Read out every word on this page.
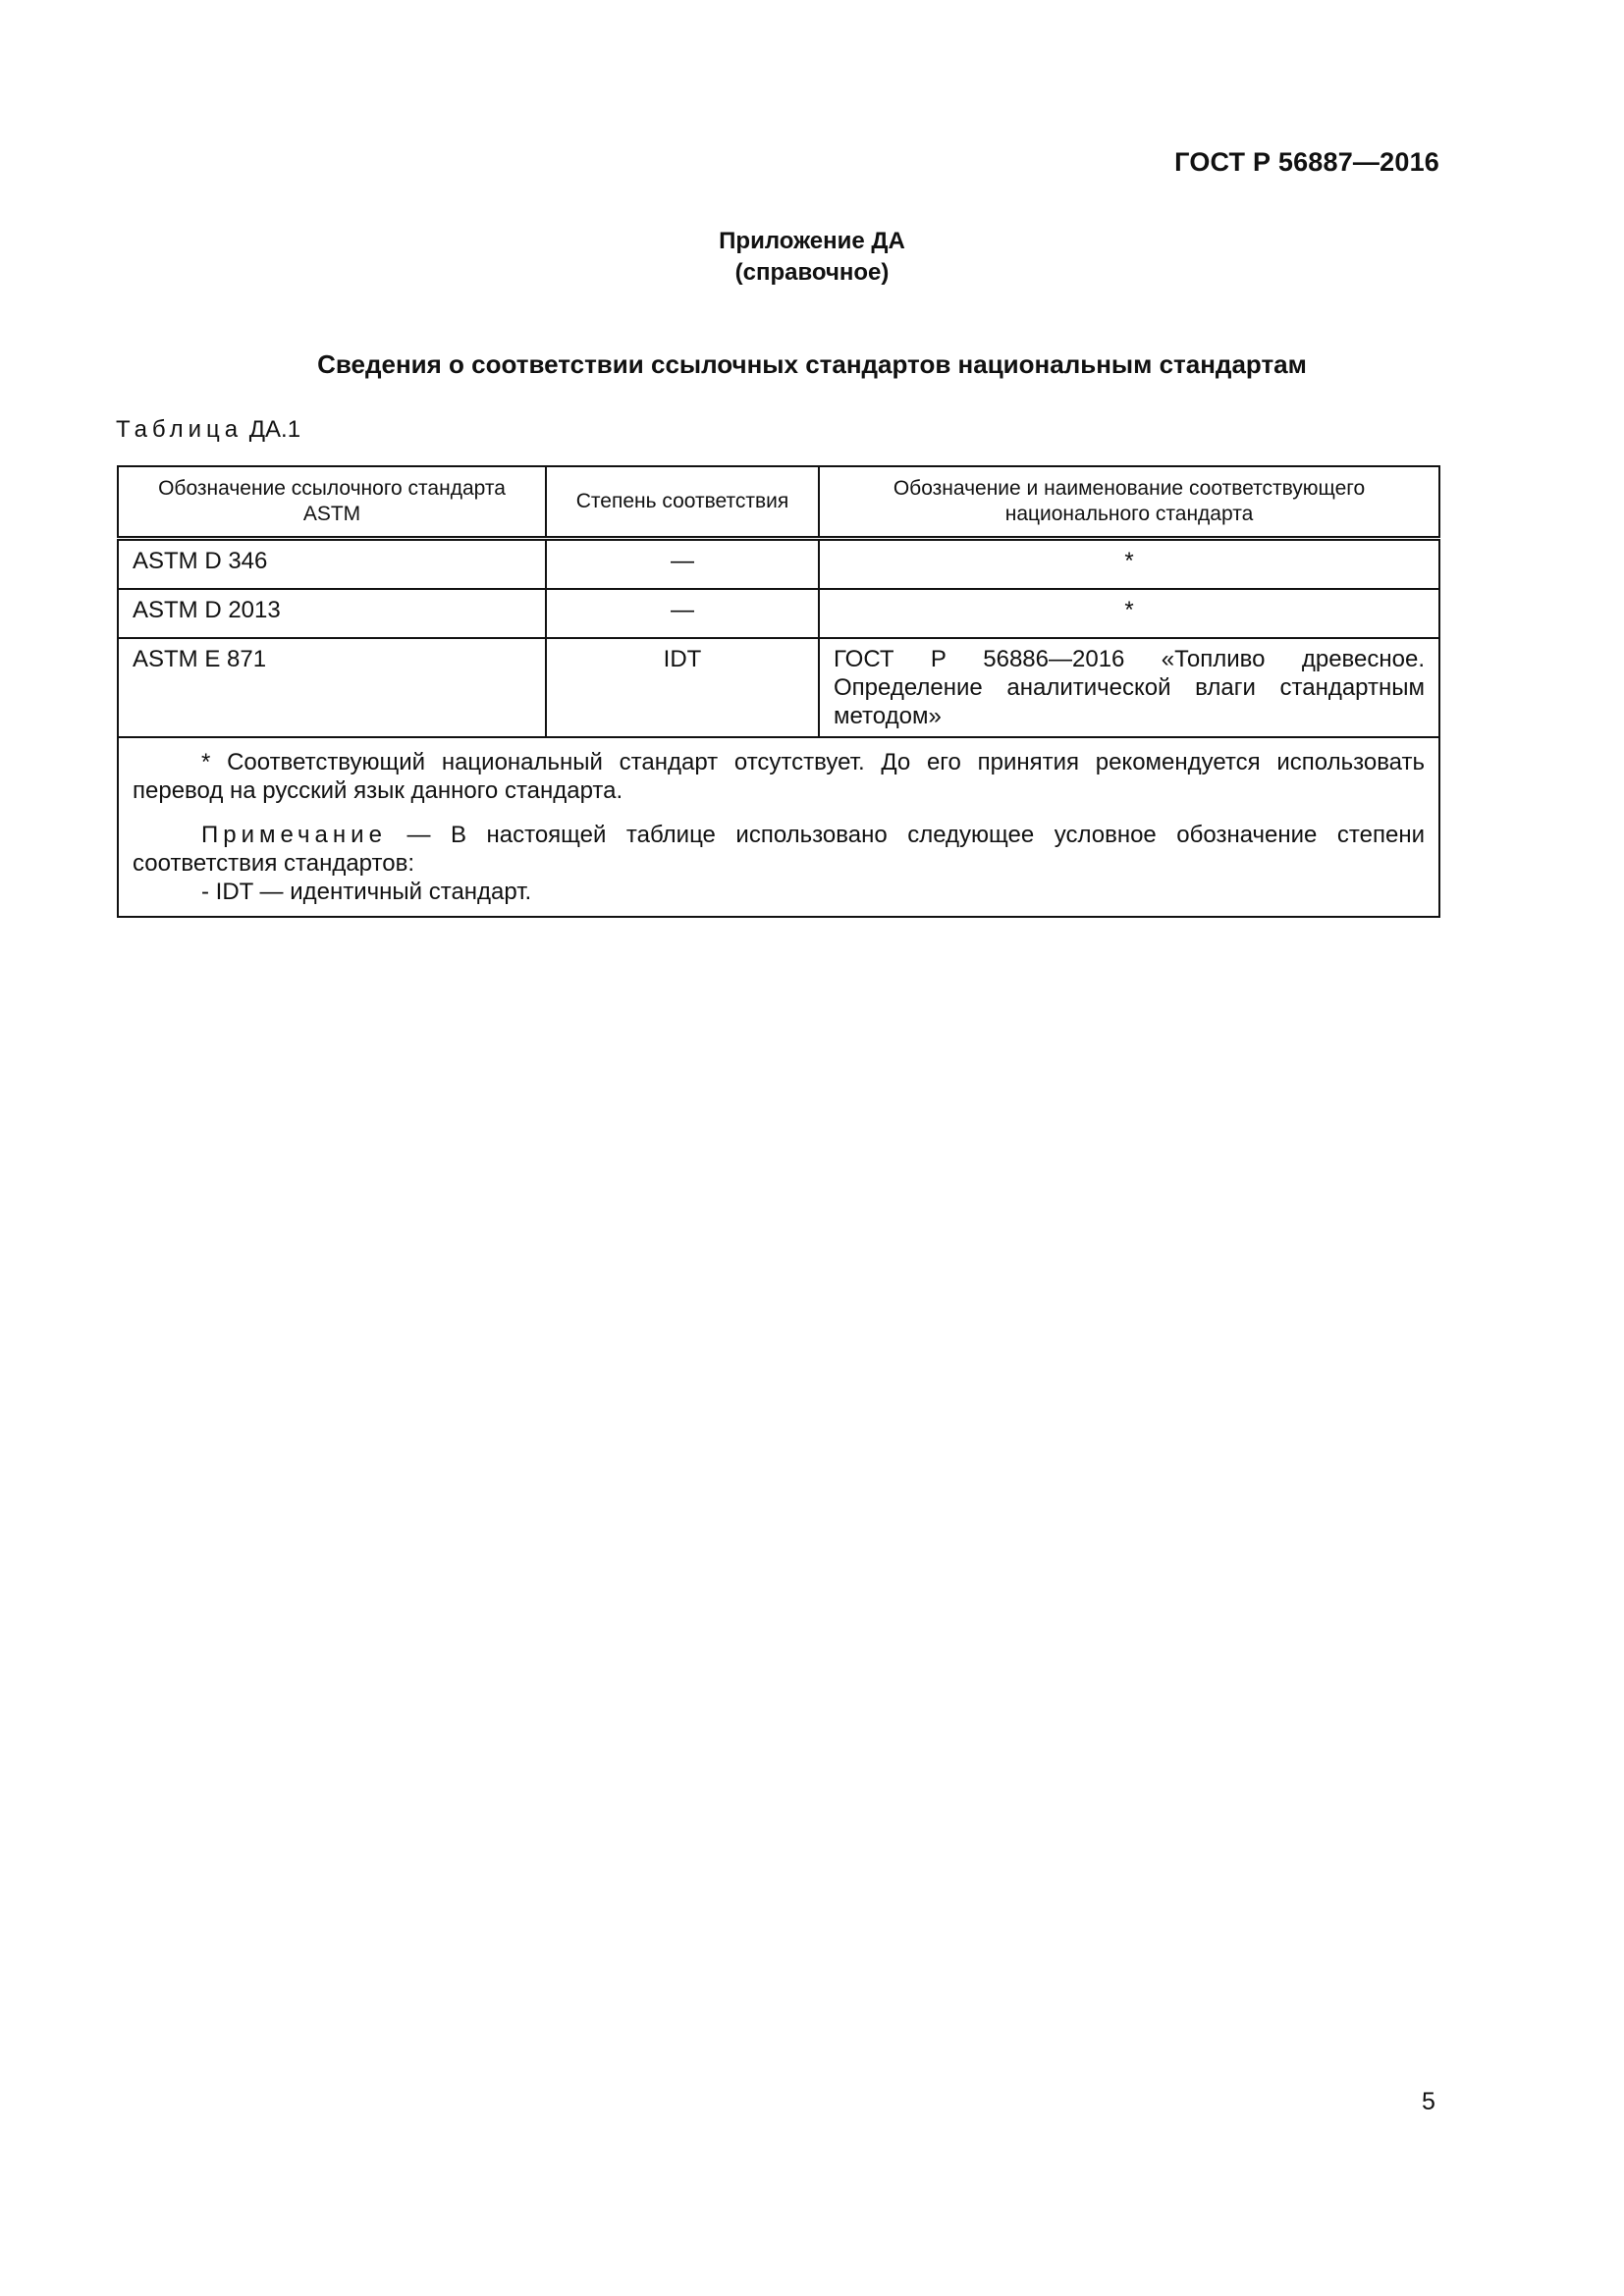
ГОСТ Р 56887—2016
Приложение ДА
(справочное)
Сведения о соответствии ссылочных стандартов национальным стандартам
Таблица ДА.1
Обозначение ссылочного стандарта ASTM	Степень соответствия	Обозначение и наименование соответствующего национального стандарта
ASTM D 346	—	*
ASTM D 2013	—	*
ASTM E 871	IDT	ГОСТ Р 56886—2016 «Топливо древесное. Определение аналитической влаги стандартным методом»

* Соответствующий национальный стандарт отсутствует. До его принятия рекомендуется использовать перевод на русский язык данного стандарта.

Примечание — В настоящей таблице использовано следующее условное обозначение степени соответствия стандартов:

- IDT — идентичный стандарт.		

5
